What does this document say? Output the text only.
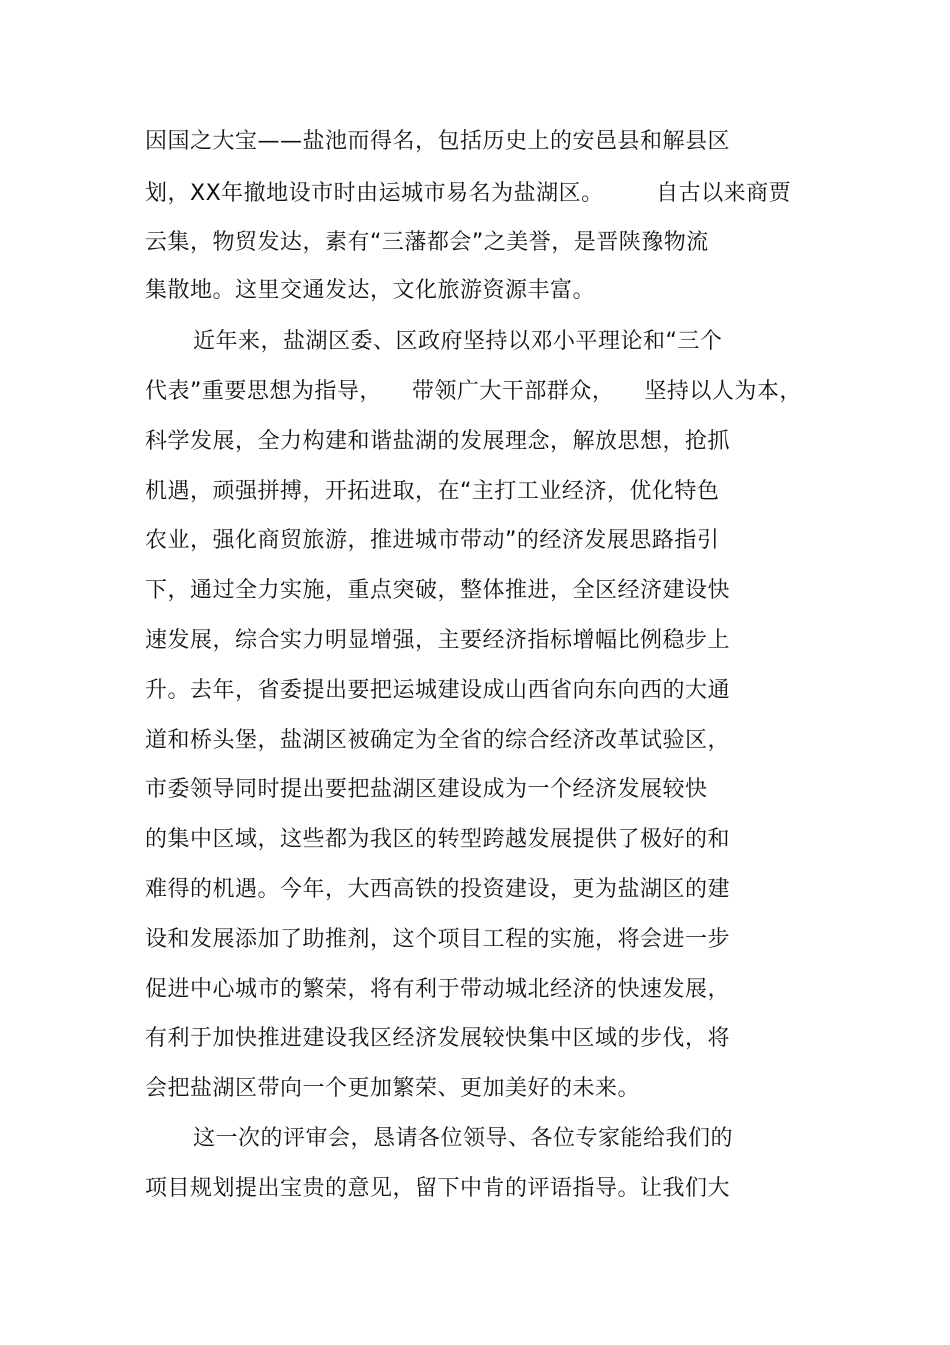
因国之大宝——盐池而得名，包括历史上的安邑县和解县区
划，XX年撤地设市时由运城市易名为盐湖区。       自古以来商贾
云集，物贸发达，素有“三藩都会”之美誉，是晋陕豫物流
集散地。这里交通发达，文化旅游资源丰富。
近年来，盐湖区委、区政府坚持以邓小平理论和“三个
代表”重要思想为指导，    带领广大干部群众，    坚持以人为本，
科学发展，全力构建和谐盐湖的发展理念，解放思想，抢抓
机遇，顽强拼搏，开拓进取，在“主打工业经济，优化特色
农业，强化商贸旅游，推进城市带动”的经济发展思路指引
下，通过全力实施，重点突破，整体推进，全区经济建设快
速发展，综合实力明显增强，主要经济指标增幅比例稳步上
升。去年，省委提出要把运城建设成山西省向东向西的大通
道和桥头堡，盐湖区被确定为全省的综合经济改革试验区，
市委领导同时提出要把盐湖区建设成为一个经济发展较快
的集中区域，这些都为我区的转型跨越发展提供了极好的和
难得的机遇。今年，大西高铁的投资建设，更为盐湖区的建
设和发展添加了助推剂，这个项目工程的实施，将会进一步
促进中心城市的繁荣，将有利于带动城北经济的快速发展，
有利于加快推进建设我区经济发展较快集中区域的步伐，将
会把盐湖区带向一个更加繁荣、更加美好的未来。
这一次的评审会，恳请各位领导、各位专家能给我们的
项目规划提出宝贵的意见，留下中肯的评语指导。让我们大
